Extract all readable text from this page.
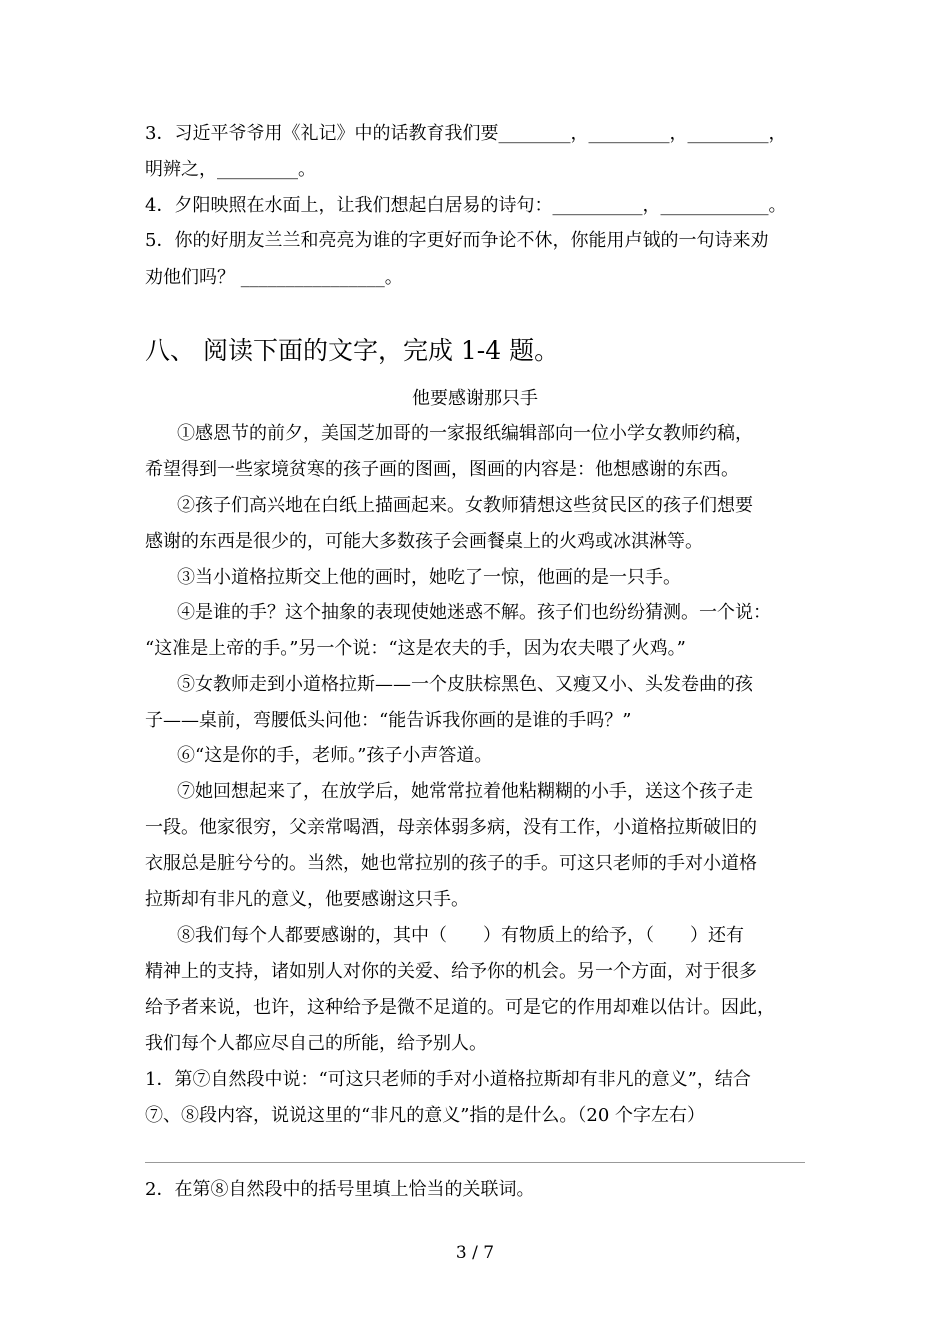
3．习近平爷爷用《礼记》中的话教育我们要________，_________，_________，
明辨之，_________。
4．夕阳映照在水面上，让我们想起白居易的诗句：__________，____________。
5．你的好朋友兰兰和亮亮为谁的字更好而争论不休，你能用卢钺的一句诗来劝
劝他们吗？ ________________。
八、 阅读下面的文字，完成 1-4 题。
他要感谢那只手
①感恩节的前夕，美国芝加哥的一家报纸编辑部向一位小学女教师约稿，
希望得到一些家境贫寒的孩子画的图画，图画的内容是：他想感谢的东西。
②孩子们高兴地在白纸上描画起来。女教师猜想这些贫民区的孩子们想要
感谢的东西是很少的，可能大多数孩子会画餐桌上的火鸡或冰淇淋等。
③当小道格拉斯交上他的画时，她吃了一惊，他画的是一只手。
④是谁的手？这个抽象的表现使她迷惑不解。孩子们也纷纷猜测。一个说：
“这准是上帝的手。”另一个说：“这是农夫的手，因为农夫喂了火鸡。”
⑤女教师走到小道格拉斯——一个皮肤棕黑色、又瘦又小、头发卷曲的孩
子——桌前，弯腰低头问他：“能告诉我你画的是谁的手吗？”
⑥“这是你的手，老师。”孩子小声答道。
⑦她回想起来了，在放学后，她常常拉着他粘糊糊的小手，送这个孩子走
一段。他家很穷，父亲常喝酒，母亲体弱多病，没有工作，小道格拉斯破旧的
衣服总是脏兮兮的。当然，她也常拉别的孩子的手。可这只老师的手对小道格
拉斯却有非凡的意义，他要感谢这只手。
⑧我们每个人都要感谢的，其中（　　）有物质上的给予，（　　）还有
精神上的支持，诸如别人对你的关爱、给予你的机会。另一个方面，对于很多
给予者来说，也许，这种给予是微不足道的。可是它的作用却难以估计。因此，
我们每个人都应尽自己的所能，给予别人。
1．第⑦自然段中说：“可这只老师的手对小道格拉斯却有非凡的意义”，结合
⑦、⑧段内容，说说这里的“非凡的意义”指的是什么。（20 个字左右）
2．在第⑧自然段中的括号里填上恰当的关联词。
3 / 7
